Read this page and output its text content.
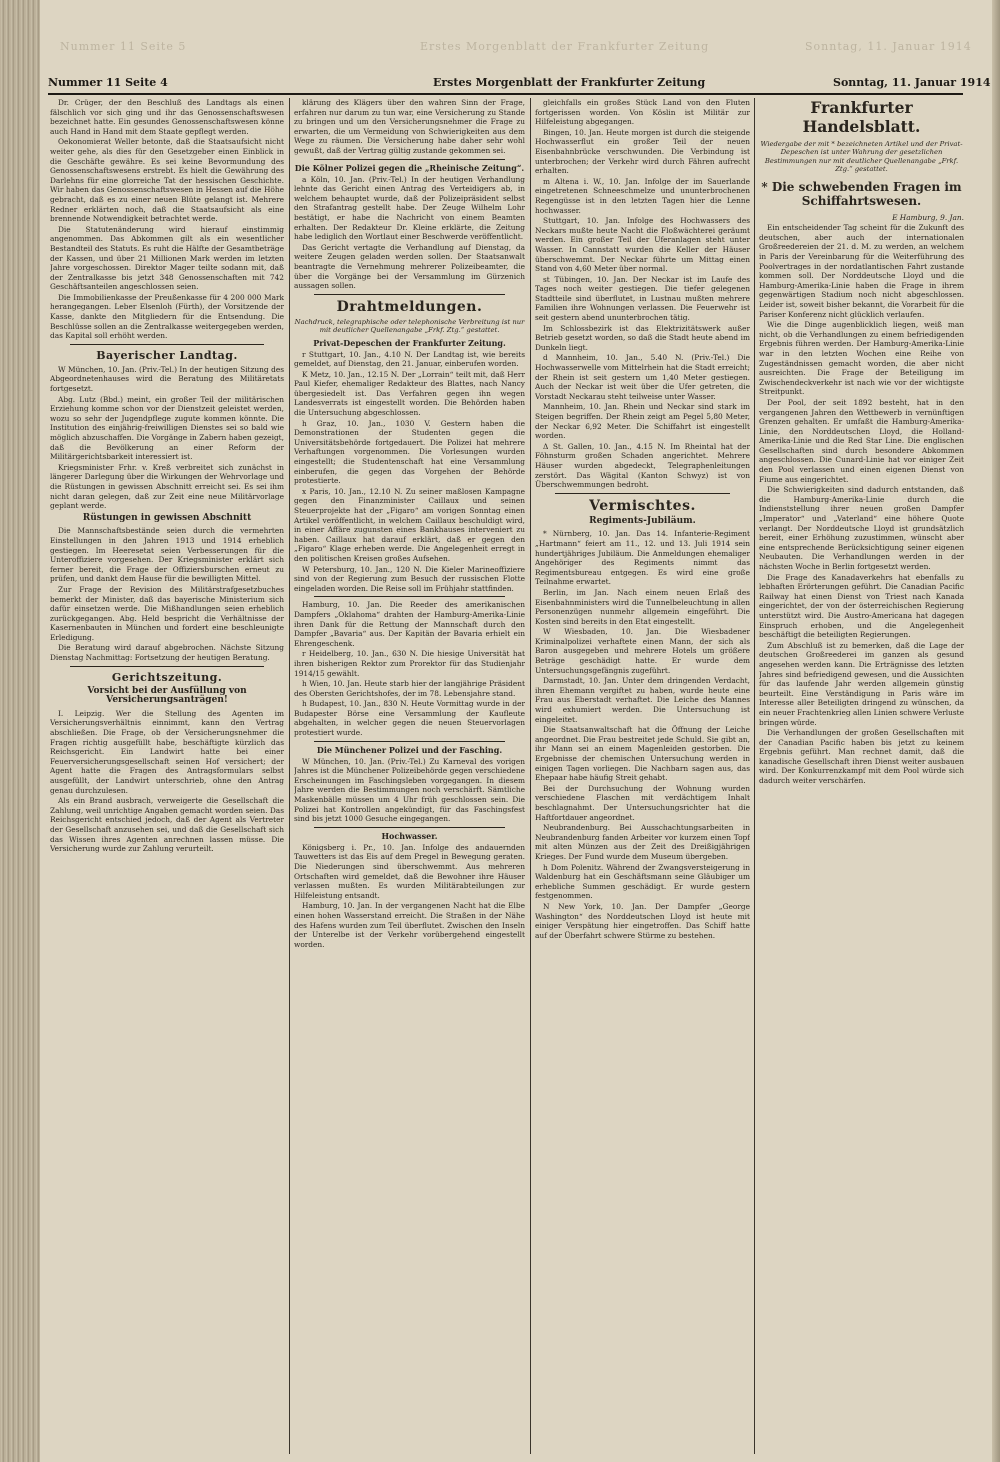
Nummer 11 Seite 5	Erstes Morgenblatt der Frankfurter Zeitung	Sonntag, 11. Januar 1914
Nummer 11 Seite 4	Erstes Morgenblatt der Frankfurter Zeitung	Sonntag, 11. Januar 1914

Dr. Crüger, der den Beschluß des Landtags als einen fälschlich vor sich ging und ihr das Genossenschaftswesen bezeichnet hatte. Ein gesundes Genossenschaftswesen könne auch Hand in Hand mit dem Staate gepflegt werden.

Oekonomierat Weller betonte, daß die Staatsaufsicht nicht weiter gehe, als dies für den Gesetzgeber einen Einblick in die Geschäfte gewähre. Es sei keine Bevormundung des Genossenschaftswesens erstrebt. Es hielt die Gewährung des Darlehns für eine glorreiche Tat der hessischen Geschichte. Wir haben das Genossenschaftswesen in Hessen auf die Höhe gebracht, daß es zu einer neuen Blüte gelangt ist. Mehrere Redner erklärten noch, daß die Staatsaufsicht als eine brennende Notwendigkeit betrachtet werde.

Die Statutenänderung wird hierauf einstimmig angenommen. Das Abkommen gilt als ein wesentlicher Bestandteil des Statuts. Es ruht die Hälfte der Gesamtbeträge der Kassen, und über 21 Millionen Mark werden im letzten Jahre vorgeschossen. Direktor Mager teilte sodann mit, daß der Zentralkasse bis jetzt 348 Genossenschaften mit 742 Geschäftsanteilen angeschlossen seien.

Die Immobilienkasse der Preußenkasse für 4 200 000 Mark herangegangen. Leber Elsenloh (Fürth), der Vorsitzende der Kasse, dankte den Mitgliedern für die Entsendung. Die Beschlüsse sollen an die Zentralkasse weitergegeben werden, das Kapital soll erhöht werden.

Bayerischer Landtag.

W München, 10. Jan. (Priv.-Tel.) In der heutigen Sitzung des Abgeordnetenhauses wird die Beratung des Militäretats fortgesetzt.

Abg. Lutz (Bbd.) meint, ein großer Teil der militärischen Erziehung komme schon vor der Dienstzeit geleistet werden, wozu so sehr der Jugendpflege zugute kommen könnte. Die Institution des einjährig-freiwilligen Dienstes sei so bald wie möglich abzuschaffen. Die Vorgänge in Zabern haben gezeigt, daß die Bevölkerung an einer Reform der Militärgerichtsbarkeit interessiert ist.

Kriegsminister Frhr. v. Kreß verbreitet sich zunächst in längerer Darlegung über die Wirkungen der Wehrvorlage und die Rüstungen in gewissen Abschnitt erreicht sei. Es sei ihm nicht daran gelegen, daß zur Zeit eine neue Militärvorlage geplant werde.

Rüstungen in gewissen Abschnitt

Die Mannschaftsbestände seien durch die vermehrten Einstellungen in den Jahren 1913 und 1914 erheblich gestiegen. Im Heeresetat seien Verbesserungen für die Unteroffiziere vorgesehen. Der Kriegsminister erklärt sich ferner bereit, die Frage der Offiziersburschen erneut zu prüfen, und dankt dem Hause für die bewilligten Mittel.

Zur Frage der Revision des Militärstrafgesetzbuches bemerkt der Minister, daß das bayerische Ministerium sich dafür einsetzen werde. Die Mißhandlungen seien erheblich zurückgegangen. Abg. Held bespricht die Verhältnisse der Kasernenbauten in München und fordert eine beschleunigte Erledigung.

Die Beratung wird darauf abgebrochen. Nächste Sitzung Dienstag Nachmittag: Fortsetzung der heutigen Beratung.

Gerichtszeitung.
Vorsicht bei der Ausfüllung von Versicherungsanträgen!

I. Leipzig. Wer die Stellung des Agenten im Versicherungsverhältnis einnimmt, kann den Vertrag abschließen. Die Frage, ob der Versicherungsnehmer die Fragen richtig ausgefüllt habe, beschäftigte kürzlich das Reichsgericht. Ein Landwirt hatte bei einer Feuerversicherungsgesellschaft seinen Hof versichert; der Agent hatte die Fragen des Antragsformulars selbst ausgefüllt, der Landwirt unterschrieb, ohne den Antrag genau durchzulesen.

Als ein Brand ausbrach, verweigerte die Gesellschaft die Zahlung, weil unrichtige Angaben gemacht worden seien. Das Reichsgericht entschied jedoch, daß der Agent als Vertreter der Gesellschaft anzusehen sei, und daß die Gesellschaft sich das Wissen ihres Agenten anrechnen lassen müsse. Die Versicherung wurde zur Zahlung verurteilt.

klärung des Klägers über den wahren Sinn der Frage, erfahren nur darum zu tun war, eine Versicherung zu Stande zu bringen und um den Versicherungsnehmer die Frage zu erwarten, die um Vermeidung von Schwierigkeiten aus dem Wege zu räumen. Die Versicherung habe daher sehr wohl gewußt, daß der Vertrag gültig zustande gekommen sei.

Die Kölner Polizei gegen die „Rheinische Zeitung“.

a Köln, 10. Jan. (Priv.-Tel.) In der heutigen Verhandlung lehnte das Gericht einen Antrag des Verteidigers ab, in welchem behauptet wurde, daß der Polizeipräsident selbst den Strafantrag gestellt habe. Der Zeuge Wilhelm Lohr bestätigt, er habe die Nachricht von einem Beamten erhalten. Der Redakteur Dr. Kleine erklärte, die Zeitung habe lediglich den Wortlaut einer Beschwerde veröffentlicht.

Das Gericht vertagte die Verhandlung auf Dienstag, da weitere Zeugen geladen werden sollen. Der Staatsanwalt beantragte die Vernehmung mehrerer Polizeibeamter, die über die Vorgänge bei der Versammlung im Gürzenich aussagen sollen.

Drahtmeldungen.
Nachdruck, telegraphische oder telephonische Verbreitung ist nur mit deutlicher Quellenangabe „Frkf. Ztg.“ gestattet.
Privat-Depeschen der Frankfurter Zeitung.

r Stuttgart, 10. Jan., 4.10 N. Der Landtag ist, wie bereits gemeldet, auf Dienstag, den 21. Januar, einberufen worden.

K Metz, 10. Jan., 12.15 N. Der „Lorrain“ teilt mit, daß Herr Paul Kiefer, ehemaliger Redakteur des Blattes, nach Nancy übergesiedelt ist. Das Verfahren gegen ihn wegen Landesverrats ist eingestellt worden. Die Behörden haben die Untersuchung abgeschlossen.

h Graz, 10. Jan., 1030 V. Gestern haben die Demonstrationen der Studenten gegen die Universitätsbehörde fortgedauert. Die Polizei hat mehrere Verhaftungen vorgenommen. Die Vorlesungen wurden eingestellt; die Studentenschaft hat eine Versammlung einberufen, die gegen das Vorgehen der Behörde protestierte.

x Paris, 10. Jan., 12.10 N. Zu seiner maßlosen Kampagne gegen den Finanzminister Caillaux und seinen Steuerprojekte hat der „Figaro“ am vorigen Sonntag einen Artikel veröffentlicht, in welchem Caillaux beschuldigt wird, in einer Affäre zugunsten eines Bankhauses interveniert zu haben. Caillaux hat darauf erklärt, daß er gegen den „Figaro“ Klage erheben werde. Die Angelegenheit erregt in den politischen Kreisen großes Aufsehen.

W Petersburg, 10. Jan., 120 N. Die Kieler Marineoffiziere sind von der Regierung zum Besuch der russischen Flotte eingeladen worden. Die Reise soll im Frühjahr stattfinden.

Hamburg, 10. Jan. Die Reeder des amerikanischen Dampfers „Oklahoma“ drahten der Hamburg-Amerika-Linie ihren Dank für die Rettung der Mannschaft durch den Dampfer „Bavaria“ aus. Der Kapitän der Bavaria erhielt ein Ehrengeschenk.

r Heidelberg, 10. Jan., 630 N. Die hiesige Universität hat ihren bisherigen Rektor zum Prorektor für das Studienjahr 1914/15 gewählt.

h Wien, 10. Jan. Heute starb hier der langjährige Präsident des Obersten Gerichtshofes, der im 78. Lebensjahre stand.

h Budapest, 10. Jan., 830 N. Heute Vormittag wurde in der Budapester Börse eine Versammlung der Kaufleute abgehalten, in welcher gegen die neuen Steuervorlagen protestiert wurde.

Die Münchener Polizei und der Fasching.

W München, 10. Jan. (Priv.-Tel.) Zu Karneval des vorigen Jahres ist die Münchener Polizeibehörde gegen verschiedene Erscheinungen im Faschingsleben vorgegangen. In diesem Jahre werden die Bestimmungen noch verschärft. Sämtliche Maskenbälle müssen um 4 Uhr früh geschlossen sein. Die Polizei hat Kontrollen angekündigt, für das Faschingsfest sind bis jetzt 1000 Gesuche eingegangen.

Hochwasser.

Königsberg i. Pr., 10. Jan. Infolge des andauernden Tauwetters ist das Eis auf dem Pregel in Bewegung geraten. Die Niederungen sind überschwemmt. Aus mehreren Ortschaften wird gemeldet, daß die Bewohner ihre Häuser verlassen mußten. Es wurden Militärabteilungen zur Hilfeleistung entsandt.

Hamburg, 10. Jan. In der vergangenen Nacht hat die Elbe einen hohen Wasserstand erreicht. Die Straßen in der Nähe des Hafens wurden zum Teil überflutet. Zwischen den Inseln der Unterelbe ist der Verkehr vorübergehend eingestellt worden.

gleichfalls ein großes Stück Land von den Fluten fortgerissen worden. Von Köslin ist Militär zur Hilfeleistung abgegangen.

Bingen, 10. Jan. Heute morgen ist durch die steigende Hochwasserflut ein großer Teil der neuen Eisenbahnbrücke verschwunden. Die Verbindung ist unterbrochen; der Verkehr wird durch Fähren aufrecht erhalten.

m Altena i. W., 10. Jan. Infolge der im Sauerlande eingetretenen Schneeschmelze und ununterbrochenen Regengüsse ist in den letzten Tagen hier die Lenne hochwasser.

Stuttgart, 10. Jan. Infolge des Hochwassers des Neckars mußte heute Nacht die Floßwächterei geräumt werden. Ein großer Teil der Uferanlagen steht unter Wasser. In Cannstatt wurden die Keller der Häuser überschwemmt. Der Neckar führte um Mittag einen Stand von 4,60 Meter über normal.

st Tübingen, 10. Jan. Der Neckar ist im Laufe des Tages noch weiter gestiegen. Die tiefer gelegenen Stadtteile sind überflutet, in Lustnau mußten mehrere Familien ihre Wohnungen verlassen. Die Feuerwehr ist seit gestern abend ununterbrochen tätig.

Im Schlossbezirk ist das Elektrizitätswerk außer Betrieb gesetzt worden, so daß die Stadt heute abend im Dunkeln liegt.

d Mannheim, 10. Jan., 5.40 N. (Priv.-Tel.) Die Hochwasserwelle vom Mittelrhein hat die Stadt erreicht; der Rhein ist seit gestern um 1,40 Meter gestiegen. Auch der Neckar ist weit über die Ufer getreten, die Vorstadt Neckarau steht teilweise unter Wasser.

Mannheim, 10. Jan. Rhein und Neckar sind stark im Steigen begriffen. Der Rhein zeigt am Pegel 5,80 Meter, der Neckar 6,92 Meter. Die Schiffahrt ist eingestellt worden.

Δ St. Gallen, 10. Jan., 4.15 N. Im Rheintal hat der Föhnsturm großen Schaden angerichtet. Mehrere Häuser wurden abgedeckt, Telegraphenleitungen zerstört. Das Wägital (Kanton Schwyz) ist von Überschwemmungen bedroht.

Vermischtes.
Regiments-Jubiläum.

* Nürnberg, 10. Jan. Das 14. Infanterie-Regiment „Hartmann“ feiert am 11., 12. und 13. Juli 1914 sein hundertjähriges Jubiläum. Die Anmeldungen ehemaliger Angehöriger des Regiments nimmt das Regimentsbureau entgegen. Es wird eine große Teilnahme erwartet.

Berlin, im Jan. Nach einem neuen Erlaß des Eisenbahnministers wird die Tunnelbeleuchtung in allen Personenzügen nunmehr allgemein eingeführt. Die Kosten sind bereits in den Etat eingestellt.

W Wiesbaden, 10. Jan. Die Wiesbadener Kriminalpolizei verhaftete einen Mann, der sich als Baron ausgegeben und mehrere Hotels um größere Beträge geschädigt hatte. Er wurde dem Untersuchungsgefängnis zugeführt.

Darmstadt, 10. Jan. Unter dem dringenden Verdacht, ihren Ehemann vergiftet zu haben, wurde heute eine Frau aus Eberstadt verhaftet. Die Leiche des Mannes wird exhumiert werden. Die Untersuchung ist eingeleitet.

Die Staatsanwaltschaft hat die Öffnung der Leiche angeordnet. Die Frau bestreitet jede Schuld. Sie gibt an, ihr Mann sei an einem Magenleiden gestorben. Die Ergebnisse der chemischen Untersuchung werden in einigen Tagen vorliegen. Die Nachbarn sagen aus, das Ehepaar habe häufig Streit gehabt.

Bei der Durchsuchung der Wohnung wurden verschiedene Flaschen mit verdächtigem Inhalt beschlagnahmt. Der Untersuchungsrichter hat die Haftfortdauer angeordnet.

Neubrandenburg. Bei Ausschachtungsarbeiten in Neubrandenburg fanden Arbeiter vor kurzem einen Topf mit alten Münzen aus der Zeit des Dreißigjährigen Krieges. Der Fund wurde dem Museum übergeben.

h Dom Polenitz. Während der Zwangsversteigerung in Waldenburg hat ein Geschäftsmann seine Gläubiger um erhebliche Summen geschädigt. Er wurde gestern festgenommen.

N New York, 10. Jan. Der Dampfer „George Washington“ des Norddeutschen Lloyd ist heute mit einiger Verspätung hier eingetroffen. Das Schiff hatte auf der Überfahrt schwere Stürme zu bestehen.

Frankfurter Handelsblatt.
Wiedergabe der mit * bezeichneten Artikel und der Privat-Depeschen ist unter Wahrung der gesetzlichen Bestimmungen nur mit deutlicher Quellenangabe „Frkf. Ztg.“ gestattet.
* Die schwebenden Fragen im Schiffahrtswesen.

E Hamburg, 9. Jan.

Ein entscheidender Tag scheint für die Zukunft des deutschen, aber auch der internationalen Großreedereien der 21. d. M. zu werden, an welchem in Paris der Vereinbarung für die Weiterführung des Poolvertrages in der nordatlantischen Fahrt zustande kommen soll. Der Norddeutsche Lloyd und die Hamburg-Amerika-Linie haben die Frage in ihrem gegenwärtigen Stadium noch nicht abgeschlossen. Leider ist, soweit bisher bekannt, die Vorarbeit für die Pariser Konferenz nicht glücklich verlaufen.

Wie die Dinge augenblicklich liegen, weiß man nicht, ob die Verhandlungen zu einem befriedigenden Ergebnis führen werden. Der Hamburg-Amerika-Linie war in den letzten Wochen eine Reihe von Zugeständnissen gemacht worden, die aber nicht ausreichten. Die Frage der Beteiligung im Zwischendeckverkehr ist nach wie vor der wichtigste Streitpunkt.

Der Pool, der seit 1892 besteht, hat in den vergangenen Jahren den Wettbewerb in vernünftigen Grenzen gehalten. Er umfaßt die Hamburg-Amerika-Linie, den Norddeutschen Lloyd, die Holland-Amerika-Linie und die Red Star Line. Die englischen Gesellschaften sind durch besondere Abkommen angeschlossen. Die Cunard-Linie hat vor einiger Zeit den Pool verlassen und einen eigenen Dienst von Fiume aus eingerichtet.

Die Schwierigkeiten sind dadurch entstanden, daß die Hamburg-Amerika-Linie durch die Indienststellung ihrer neuen großen Dampfer „Imperator“ und „Vaterland“ eine höhere Quote verlangt. Der Norddeutsche Lloyd ist grundsätzlich bereit, einer Erhöhung zuzustimmen, wünscht aber eine entsprechende Berücksichtigung seiner eigenen Neubauten. Die Verhandlungen werden in der nächsten Woche in Berlin fortgesetzt werden.

Die Frage des Kanadaverkehrs hat ebenfalls zu lebhaften Erörterungen geführt. Die Canadian Pacific Railway hat einen Dienst von Triest nach Kanada eingerichtet, der von der österreichischen Regierung unterstützt wird. Die Austro-Americana hat dagegen Einspruch erhoben, und die Angelegenheit beschäftigt die beteiligten Regierungen.

Zum Abschluß ist zu bemerken, daß die Lage der deutschen Großreederei im ganzen als gesund angesehen werden kann. Die Erträgnisse des letzten Jahres sind befriedigend gewesen, und die Aussichten für das laufende Jahr werden allgemein günstig beurteilt. Eine Verständigung in Paris wäre im Interesse aller Beteiligten dringend zu wünschen, da ein neuer Frachtenkrieg allen Linien schwere Verluste bringen würde.

Die Verhandlungen der großen Gesellschaften mit der Canadian Pacific haben bis jetzt zu keinem Ergebnis geführt. Man rechnet damit, daß die kanadische Gesellschaft ihren Dienst weiter ausbauen wird. Der Konkurrenzkampf mit dem Pool würde sich dadurch weiter verschärfen.
